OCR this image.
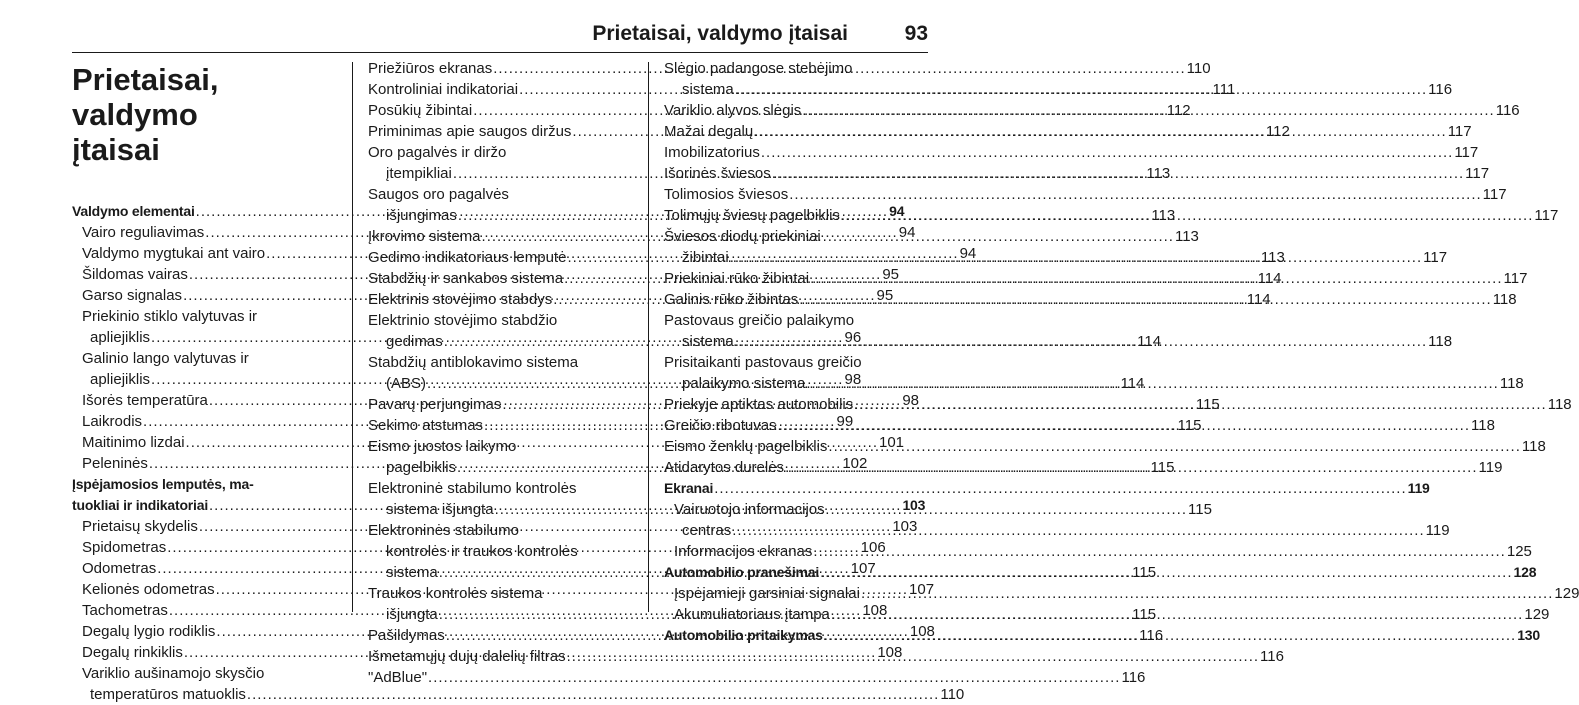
Prietaisai, valdymo įtaisai	93
Prietaisai, valdymo
įtaisai
Valdymo elementai .....	94
Vairo reguliavimas .....	94
Valdymo mygtukai ant vairo .....	94
Šildomas vairas .....	95
Garso signalas .....	95
Priekinio stiklo valytuvas ir
apliejiklis .....	96
Galinio lango valytuvas ir
apliejiklis .....	98
Išorės temperatūra .....	98
Laikrodis .....	99
Maitinimo lizdai .....	101
Peleninės .....	102
Įspėjamosios lemputės, ma-
tuokliai ir indikatoriai .....	103
Prietaisų skydelis .....	103
Spidometras .....	106
Odometras .....	107
Kelionės odometras .....	107
Tachometras .....	108
Degalų lygio rodiklis .....	108
Degalų rinkiklis .....	108
Variklio aušinamojo skysčio
temperatūros matuoklis .....	110
Priežiūros ekranas .....	110
Kontroliniai indikatoriai .....	111
Posūkių žibintai .....	112
Priminimas apie saugos diržus .....	112
Oro pagalvės ir diržo
įtempikliai .....	113
Saugos oro pagalvės
išjungimas .....	113
Įkrovimo sistema .....	113
Gedimo indikatoriaus lemputė .....	113
Stabdžių ir sankabos sistema .....	114
Elektrinis stovėjimo stabdys .....	114
Elektrinio stovėjimo stabdžio
gedimas .....	114
Stabdžių antiblokavimo sistema
(ABS) .....	114
Pavarų perjungimas .....	115
Sekimo atstumas .....	115
Eismo juostos laikymo
pagelbiklis .....	115
Elektroninė stabilumo kontrolės
sistema išjungta .....	115
Elektroninės stabilumo
kontrolės ir traukos kontrolės
sistema .....	115
Traukos kontrolės sistema
išjungta .....	115
Pašildymas .....	116
Išmetamųjų dujų dalelių filtras .....	116
"AdBlue" .....	116
Slėgio padangose stebėjimo
sistema .....	116
Variklio alyvos slėgis .....	116
Mažai degalų .....	117
Imobilizatorius .....	117
Išorinės šviesos .....	117
Tolimosios šviesos .....	117
Tolimųjų šviesų pagelbiklis .....	117
Šviesos diodų priekiniai
žibintai .....	117
Priekiniai rūko žibintai .....	117
Galinis rūko žibintas .....	118
Pastovaus greičio palaikymo
sistema .....	118
Prisitaikanti pastovaus greičio
palaikymo sistema .....	118
Priekyje aptiktas automobilis .....	118
Greičio ribotuvas .....	118
Eismo ženklų pagelbiklis .....	118
Atidarytos durelės .....	119
Ekranai .....	119
Vairuotojo informacijos
centras .....	119
Informacijos ekranas .....	125
Automobilio pranešimai .....	128
Įspėjamieji garsiniai signalai .....	129
Akumuliatoriaus įtampa .....	129
Automobilio pritaikymas .....	130
